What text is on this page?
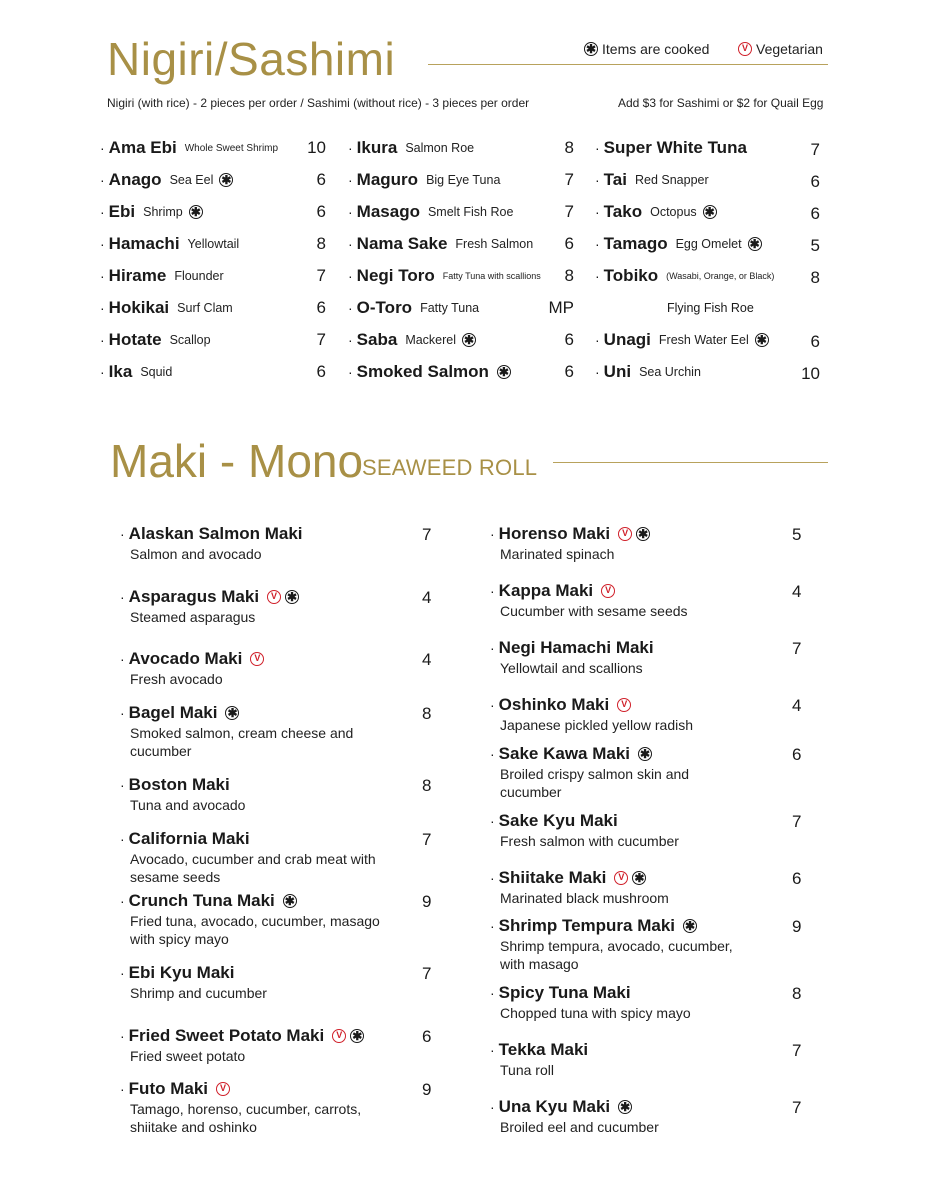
Nigiri/Sashimi	✱ Items are cooked	V Vegetarian
Nigiri (with rice) - 2 pieces per order / Sashimi (without rice) - 3 pieces per order	Add $3 for Sashimi or $2 for Quail Egg
· Ama Ebi Whole Sweet Shrimp	10
· Anago Sea Eel ✱	6
· Ebi Shrimp ✱	6
· Hamachi Yellowtail	8
· Hirame Flounder	7
· Hokikai Surf Clam	6
· Hotate Scallop	7
· Ika Squid	6
· Ikura Salmon Roe	8
· Maguro Big Eye Tuna	7
· Masago Smelt Fish Roe	7
· Nama Sake Fresh Salmon	6
· Negi Toro Fatty Tuna with scallions	8
· O-Toro Fatty Tuna	MP
· Saba Mackerel ✱	6
· Smoked Salmon ✱	6
· Super White Tuna	7
· Tai Red Snapper	6
· Tako Octopus ✱	6
· Tamago Egg Omelet ✱	5
· Tobiko (Wasabi, Orange, or Black)	8
Flying Fish Roe
· Unagi Fresh Water Eel ✱	6
· Uni Sea Urchin	10
Maki - Mono
SEAWEED ROLL
· Alaskan Salmon Maki
Salmon and avocado
7
· Asparagus Maki	V ✱
Steamed asparagus
4
· Avocado Maki	V
Fresh avocado
4
· Bagel Maki ✱
Smoked salmon, cream cheese and cucumber
8
· Boston Maki
Tuna and avocado
8
· California Maki
Avocado, cucumber and crab meat with sesame seeds
7
· Crunch Tuna Maki ✱
Fried tuna, avocado, cucumber, masago with spicy mayo
9
· Ebi Kyu Maki
Shrimp and cucumber
7
· Fried Sweet Potato Maki	V ✱
Fried sweet potato
6
· Futo Maki	V
Tamago, horenso, cucumber, carrots, shiitake and oshinko
9
· Horenso Maki	V ✱
Marinated spinach
5
· Kappa Maki	V
Cucumber with sesame seeds
4
· Negi Hamachi Maki
Yellowtail and scallions
7
· Oshinko Maki	V
Japanese pickled yellow radish
4
· Sake Kawa Maki ✱
Broiled crispy salmon skin and cucumber
6
· Sake Kyu Maki
Fresh salmon with cucumber
7
· Shiitake Maki	V ✱
Marinated black mushroom
6
· Shrimp Tempura Maki ✱
Shrimp tempura, avocado, cucumber, with masago
9
· Spicy Tuna Maki
Chopped tuna with spicy mayo
8
· Tekka Maki
Tuna roll
7
· Una Kyu Maki ✱
Broiled eel and cucumber
7
